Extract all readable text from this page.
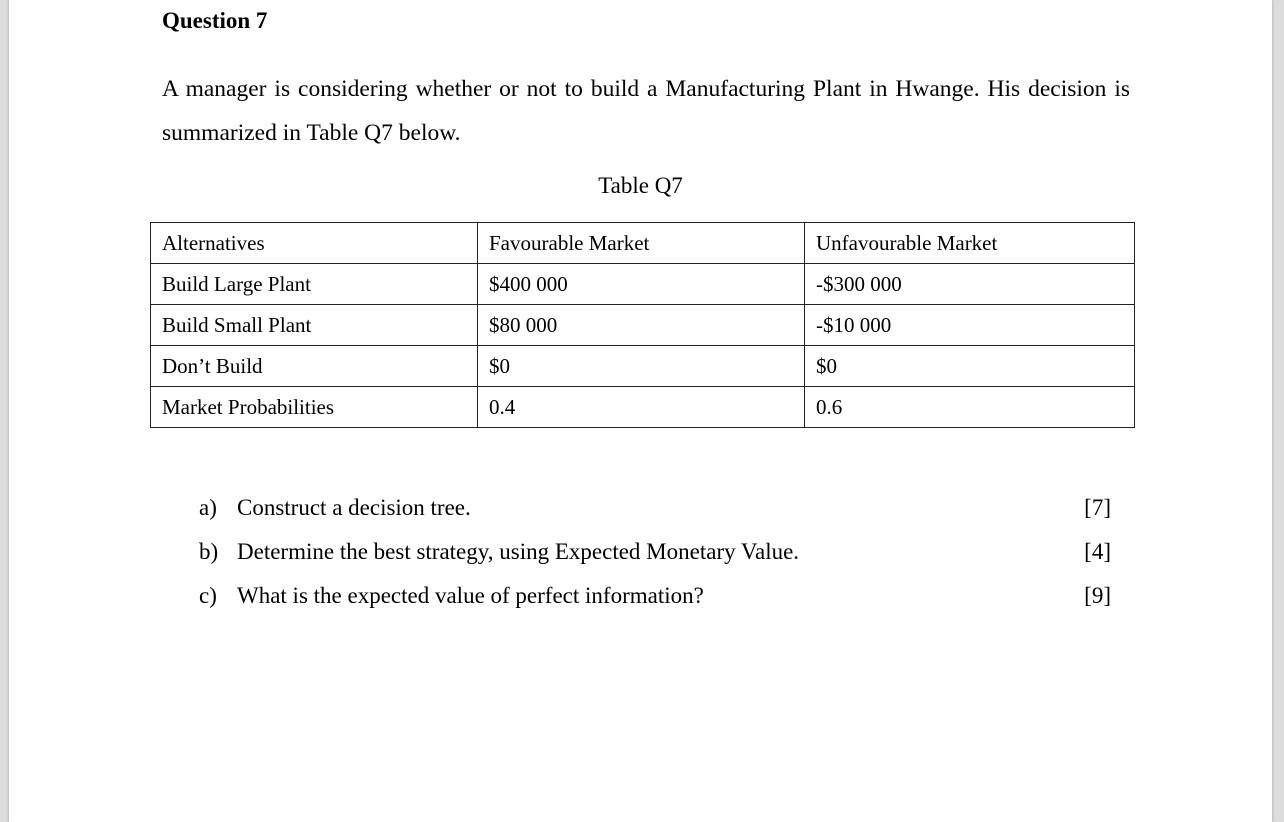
Question 7

A manager is considering whether or not to build a Manufacturing Plant in Hwange. His decision is summarized in Table Q7 below.

Table Q7
Alternatives	Favourable Market	Unfavourable Market
Build Large Plant	$400 000	-$300 000
Build Small Plant	$80 000	-$10 000
Don’t Build	$0	$0
Market Probabilities	0.4	0.6
a) Construct a decision tree.	[7]
b) Determine the best strategy, using Expected Monetary Value.	[4]
c) What is the expected value of perfect information?	[9]
